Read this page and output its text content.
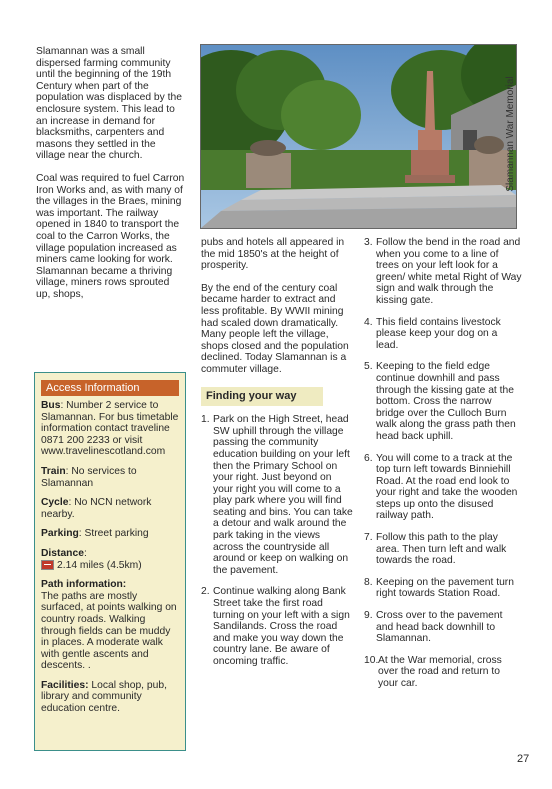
Slamannan was a small dispersed farming community until the beginning of the 19th Century when part of the population was displaced by the enclosure system. This lead to an increase in demand for blacksmiths, carpenters and masons they settled in the village near the church.

Coal was required to fuel Carron Iron Works and, as with many of the villages in the Braes, mining was important. The railway opened in 1840 to transport the coal to the Carron Works, the village population increased as miners came looking for work. Slamannan became a thriving village, miners rows sprouted up, shops,

Slamannan War Memorial

pubs and hotels all appeared in the mid 1850's at the height of prosperity.

By the end of the century coal became harder to extract and less profitable. By WWII mining had scaled down dramatically. Many people left the village, shops closed and the population declined. Today Slamannan is a commuter village.

Finding your way
1. Park on the High Street, head SW uphill through the village passing the community education building on your left then the Primary School on your right. Just beyond on your right you will come to a play park where you will find seating and bins. You can take a detour and walk around the park taking in the views across the countryside all around or keep on walking on the pavement.
2. Continue walking along Bank Street take the first road turning on your left with a sign Sandilands. Cross the road and make you way down the country lane. Be aware of oncoming traffic.
3. Follow the bend in the road and when you come to a line of trees on your left look for a green/ white metal Right of Way sign and walk through the kissing gate.
4. This field contains livestock please keep your dog on a lead.
5. Keeping to the field edge continue downhill and pass through the kissing gate at the bottom. Cross the narrow bridge over the Culloch Burn walk along the grass path then head back uphill.
6. You will come to a track at the top turn left towards Binniehill Road. At the road end look to your right and take the wooden steps up onto the disused railway path.
7. Follow this path to the play area. Then turn left and walk towards the road.
8. Keeping on the pavement turn right towards Station Road.
9. Cross over to the pavement and head back downhill to Slamannan.
10. At the War memorial, cross over the road and return to your car.
Access Information
Bus: Number 2 service to Slamannan. For bus timetable information contact traveline 0871 200 2233 or visit www.travelinescotland.com
Train: No services to Slamannan
Cycle: No NCN network nearby.
Parking: Street parking
Distance:
2.14 miles (4.5km)
Path information:
The paths are mostly surfaced, at points walking on country roads. Walking through fields can be muddy in places. A moderate walk with gentle ascents and descents. .
Facilities: Local shop, pub, library and community education centre.
27
